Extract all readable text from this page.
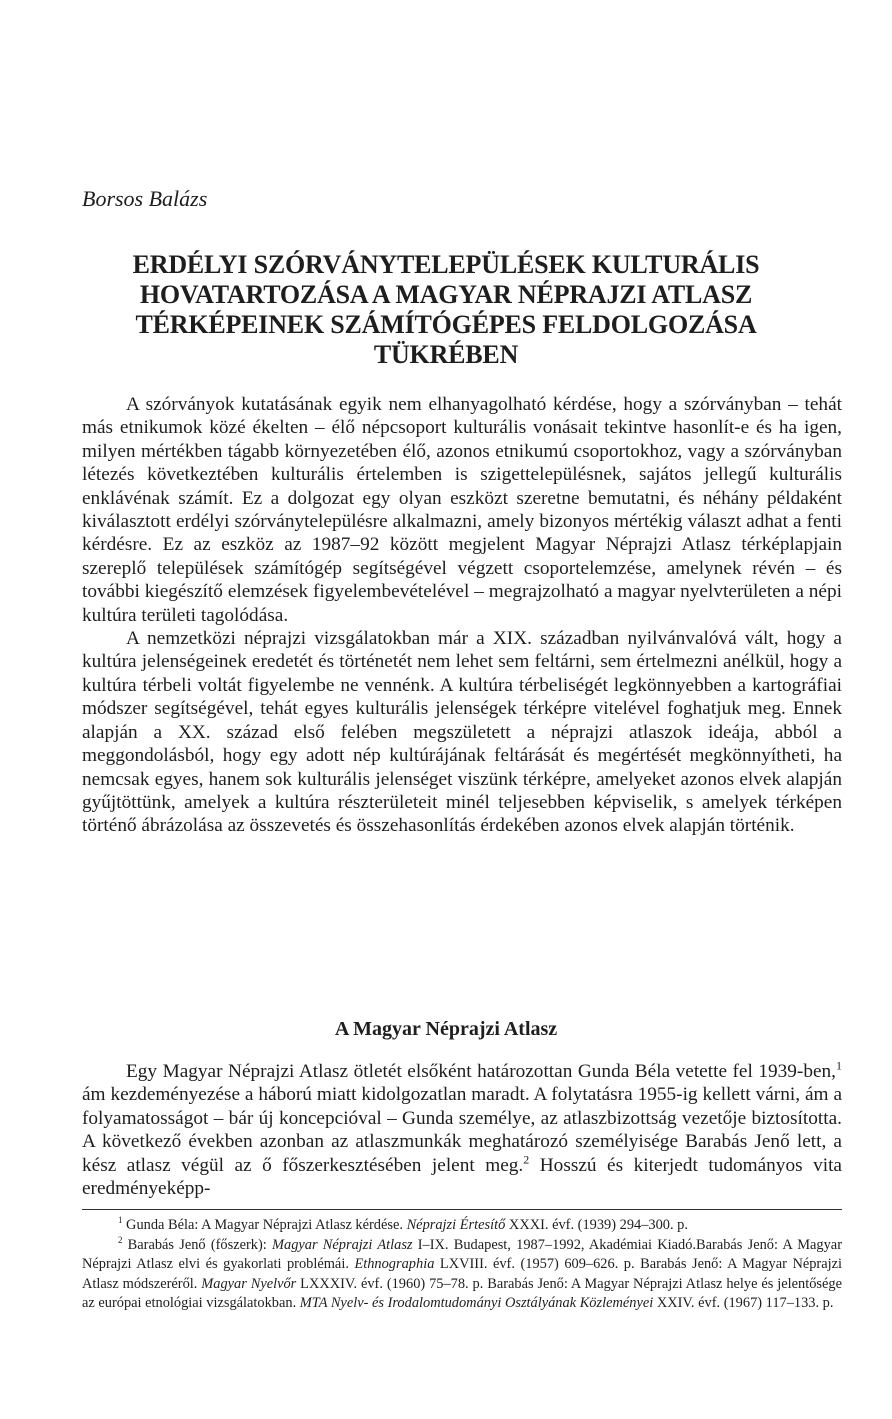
Borsos Balázs
ERDÉLYI SZÓRVÁNYTELEPÜLÉSEK KULTURÁLIS
HOVATARTOZÁSA A MAGYAR NÉPRAJZI ATLASZ
TÉRKÉPEINEK SZÁMÍTÓGÉPES FELDOLGOZÁSA
TÜKRÉBEN

A szórványok kutatásának egyik nem elhanyagolható kérdése, hogy a szórványban – tehát más etnikumok közé ékelten – élő népcsoport kulturális vonásait tekintve hasonlít-e és ha igen, milyen mértékben tágabb környezetében élő, azonos etnikumú csoportokhoz, vagy a szórványban létezés következtében kulturális értelemben is szigettelepülésnek, sajátos jellegű kulturális enklávénak számít. Ez a dolgozat egy olyan eszközt szeretne bemutatni, és néhány példaként kiválasztott erdélyi szórványtelepülésre alkalmazni, amely bizonyos mértékig választ adhat a fenti kérdésre. Ez az eszköz az 1987–92 között megjelent Magyar Néprajzi Atlasz térképlapjain szereplő települések számítógép segítségével végzett csoportelemzése, amelynek révén – és további kiegészítő elemzések figyelembevételével – megrajzolható a magyar nyelvterületen a népi kultúra területi tagolódása.

A nemzetközi néprajzi vizsgálatokban már a XIX. században nyilvánvalóvá vált, hogy a kultúra jelenségeinek eredetét és történetét nem lehet sem feltárni, sem értelmezni anélkül, hogy a kultúra térbeli voltát figyelembe ne vennénk. A kultúra térbeliségét legkönnyebben a kartográfiai módszer segítségével, tehát egyes kulturális jelenségek térképre vitelével foghatjuk meg. Ennek alapján a XX. század első felében megszületett a néprajzi atlaszok ideája, abból a meggondolásból, hogy egy adott nép kultúrájának feltárását és megértését megkönnyítheti, ha nemcsak egyes, hanem sok kulturális jelenséget viszünk térképre, amelyeket azonos elvek alapján gyűjtöttünk, amelyek a kultúra részterületeit minél teljesebben képviselik, s amelyek térképen történő ábrázolása az összevetés és összehasonlítás érdekében azonos elvek alapján történik.

A Magyar Néprajzi Atlasz

Egy Magyar Néprajzi Atlasz ötletét elsőként határozottan Gunda Béla vetette fel 1939-ben,$^1$ ám kezdeményezése a háború miatt kidolgozatlan maradt. A folytatásra 1955-ig kellett várni, ám a folyamatosságot – bár új koncepcióval – Gunda személye, az atlaszbizottság vezetője biztosította. A következő években azonban az atlaszmunkák meghatározó személyisége Barabás Jenő lett, a kész atlasz végül az ő főszerkesztésében jelent meg.$^2$ Hosszú és kiterjedt tudományos vita eredményeképp-

$^1$ Gunda Béla: A Magyar Néprajzi Atlasz kérdése. Néprajzi Értesítő XXXI. évf. (1939) 294–300. p.

$^2$ Barabás Jenő (főszerk): Magyar Néprajzi Atlasz I–IX. Budapest, 1987–1992, Akadémiai Kiadó.Barabás Jenő: A Magyar Néprajzi Atlasz elvi és gyakorlati problémái. Ethnographia LXVIII. évf. (1957) 609–626. p. Barabás Jenő: A Magyar Néprajzi Atlasz módszeréről. Magyar Nyelvőr LXXXIV. évf. (1960) 75–78. p. Barabás Jenő: A Magyar Néprajzi Atlasz helye és jelentősége az európai etnológiai vizsgálatokban. MTA Nyelv- és Irodalomtudományi Osztályának Közleményei XXIV. évf. (1967) 117–133. p.
